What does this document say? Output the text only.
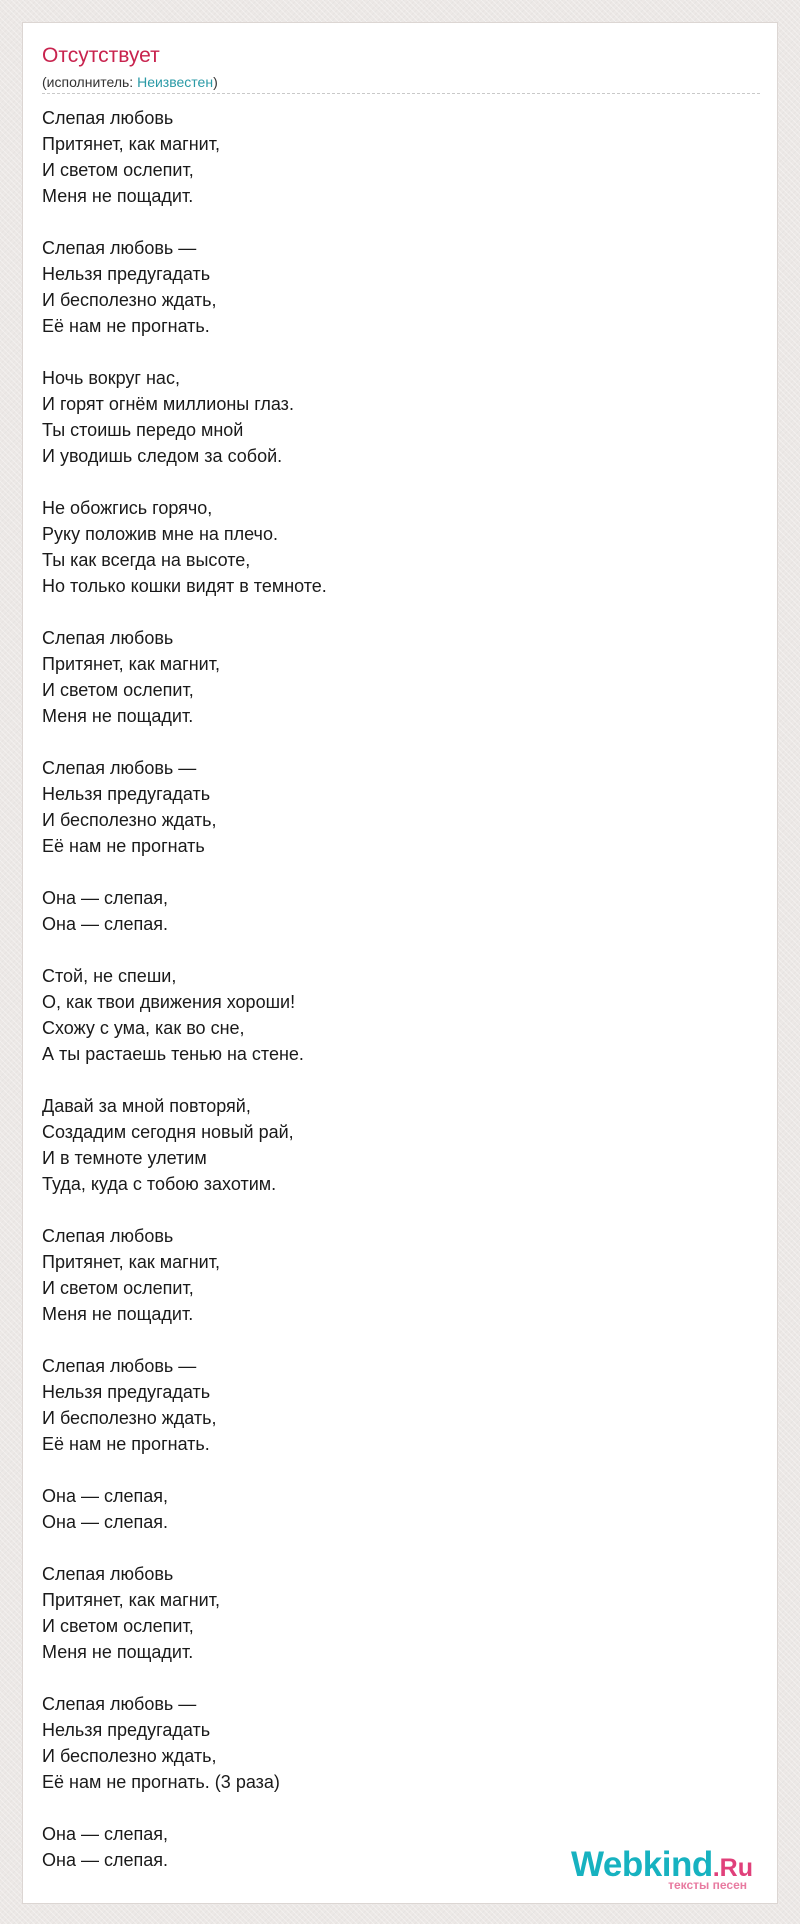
Отсутствует
(исполнитель: Неизвестен)
Слепая любовь
Притянет, как магнит,
И светом ослепит,
Меня не пощадит.
Слепая любовь —
Нельзя предугадать
И бесполезно ждать,
Её нам не прогнать.
Ночь вокруг нас,
И горят огнём миллионы глаз.
Ты стоишь передо мной
И уводишь следом за собой.
Не обожгись горячо,
Руку положив мне на плечо.
Ты как всегда на высоте,
Но только кошки видят в темноте.
Слепая любовь
Притянет, как магнит,
И светом ослепит,
Меня не пощадит.
Слепая любовь —
Нельзя предугадать
И бесполезно ждать,
Её нам не прогнать
Она — слепая,
Она — слепая.
Стой, не спеши,
О, как твои движения хороши!
Схожу с ума, как во сне,
А ты растаешь тенью на стене.
Давай за мной повторяй,
Создадим сегодня новый рай,
И в темноте улетим
Туда, куда с тобою захотим.
Слепая любовь
Притянет, как магнит,
И светом ослепит,
Меня не пощадит.
Слепая любовь —
Нельзя предугадать
И бесполезно ждать,
Её нам не прогнать.
Она — слепая,
Она — слепая.
Слепая любовь
Притянет, как магнит,
И светом ослепит,
Меня не пощадит.
Слепая любовь —
Нельзя предугадать
И бесполезно ждать,
Её нам не прогнать. (3 раза)
Она — слепая,
Она — слепая.	Webkind.Ru
тексты песен
